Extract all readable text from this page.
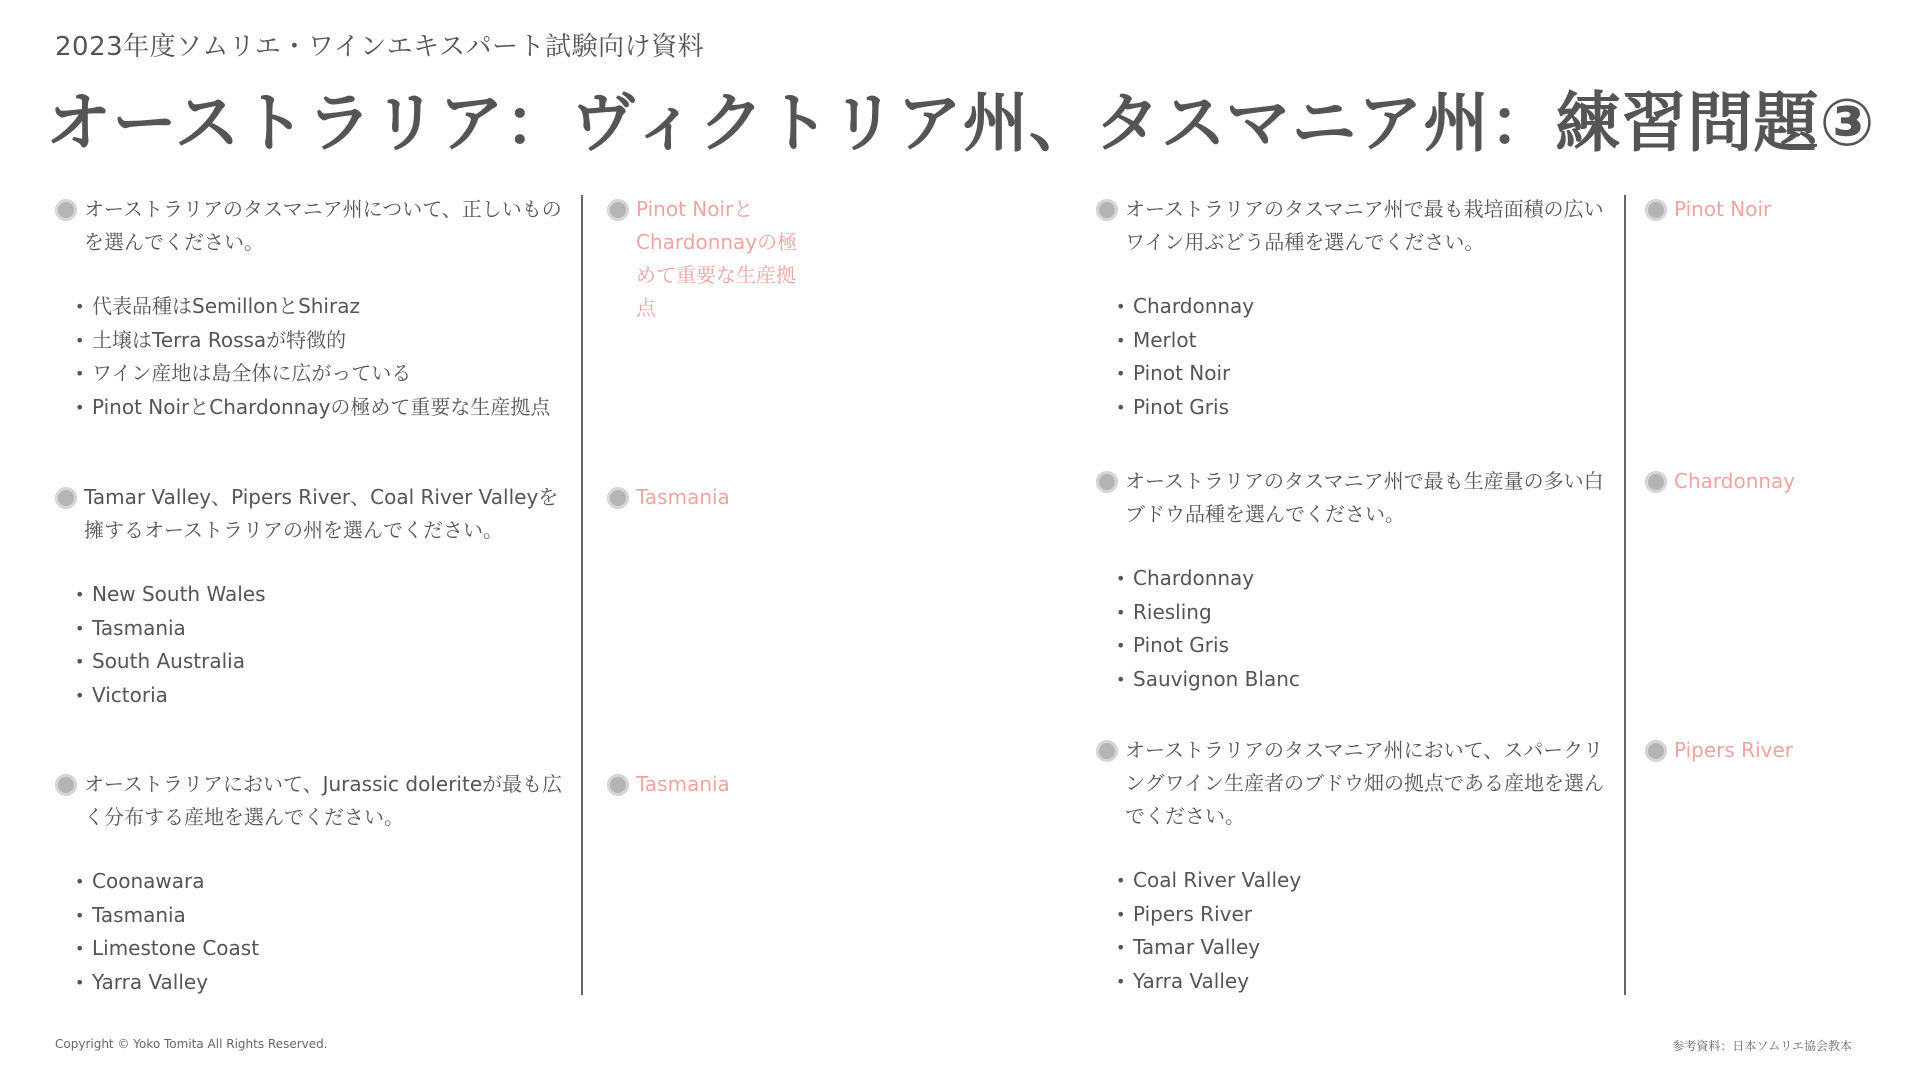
2023年度ソムリエ・ワインエキスパート試験向け資料
オーストラリア：ヴィクトリア州、タスマニア州：練習問題③
オーストラリアのタスマニア州について、正しいものを選んでください。
• 代表品種はSemillonとShiraz
• 土壌はTerra Rossaが特徴的
• ワイン産地は島全体に広がっている
• Pinot NoirとChardonnayの極めて重要な生産拠点
Tamar Valley、Pipers River、Coal River Valleyを擁するオーストラリアの州を選んでください。
• New South Wales
• Tasmania
• South Australia
• Victoria
オーストラリアにおいて、Jurassic doleriteが最も広く分布する産地を選んでください。
• Coonawara
• Tasmania
• Limestone Coast
• Yarra Valley
Pinot NoirとChardonnayの極めて重要な生産拠点
Tasmania
Tasmania
オーストラリアのタスマニア州で最も栽培面積の広いワイン用ぶどう品種を選んでください。
• Chardonnay
• Merlot
• Pinot Noir
• Pinot Gris
オーストラリアのタスマニア州で最も生産量の多い白ブドウ品種を選んでください。
• Chardonnay
• Riesling
• Pinot Gris
• Sauvignon Blanc
オーストラリアのタスマニア州において、スパークリングワイン生産者のブドウ畑の拠点である産地を選んでください。
• Coal River Valley
• Pipers River
• Tamar Valley
• Yarra Valley
Pinot Noir
Chardonnay
Pipers River
Copyright © Yoko Tomita All Rights Reserved.	参考資料：日本ソムリエ協会教本
